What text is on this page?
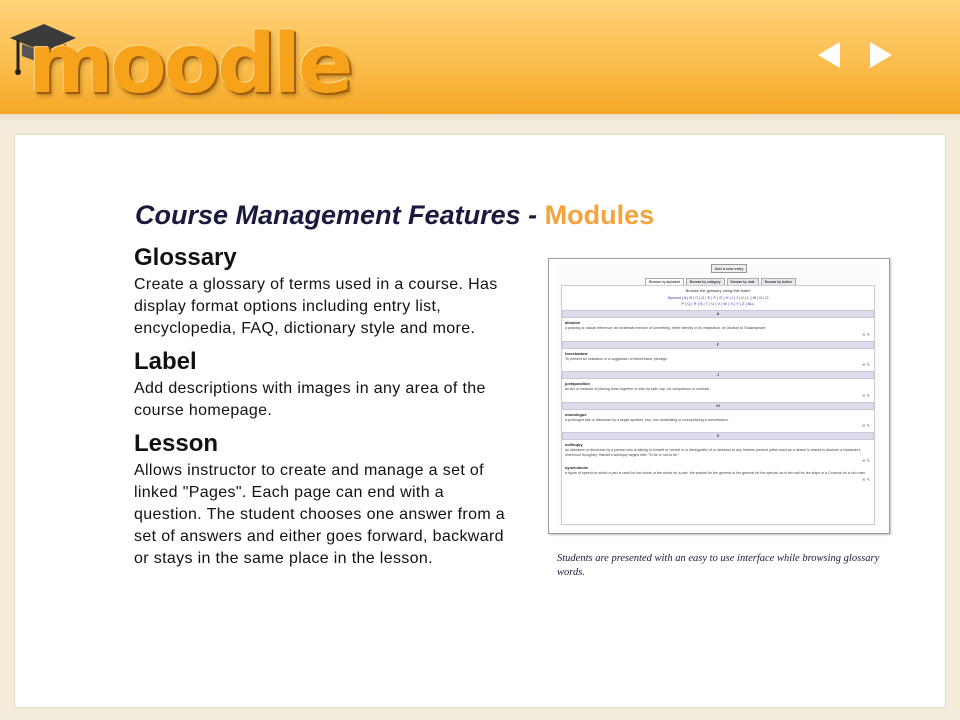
moodle
Course Management Features - Modules
Glossary

Create a glossary of terms used in a course. Has display format options including entry list, encyclopedia, FAQ, dictionary style and more.

Label

Add descriptions with images in any area of the course homepage.

Lesson

Allows instructor to create and manage a set of linked "Pages". Each page can end with a question. The student chooses one answer from a set of answers and either goes forward, backward or stays in the same place in the lesson.

Add a new entry
Browse by alphabet	Browse by category	Browse by date	Browse by Author
Browse the glossary using this index
Special | A | B | C | D | E | F | G | H | I | J | K | L | M | N | O
P | Q | R | S | T | U | V | W | X | Y | Z | ALL
A
allusion
a passing or casual reference; an incidental mention of something, either directly or by implication: an allusion to Shakespeare.
✕ ✎
F
foreshadow
To present an indication or a suggestion of beforehand; presage.
✕ ✎
J
juxtaposition
an act or instance of placing close together or side by side, esp. for comparison or contrast.
✕ ✎
M
monologue
a prolonged talk or discourse by a single speaker, esp. one dominating or monopolizing a conversation.
✕ ✎
S
soliloquy
an utterance or discourse by a person who is talking to himself or herself or is disregardful of or oblivious to any hearers present (often used as a device in drama to disclose a character's innermost thoughts): Hamlet's soliloquy begins with "To be or not to be."
✕ ✎
synecdoche
a figure of speech in which a part is used for the whole or the whole for a part, the special for the general or the general for the special, as in ten sail for ten ships or a Croesus for a rich man.
✕ ✎

Students are presented with an easy to use interface while browsing glossary words.
